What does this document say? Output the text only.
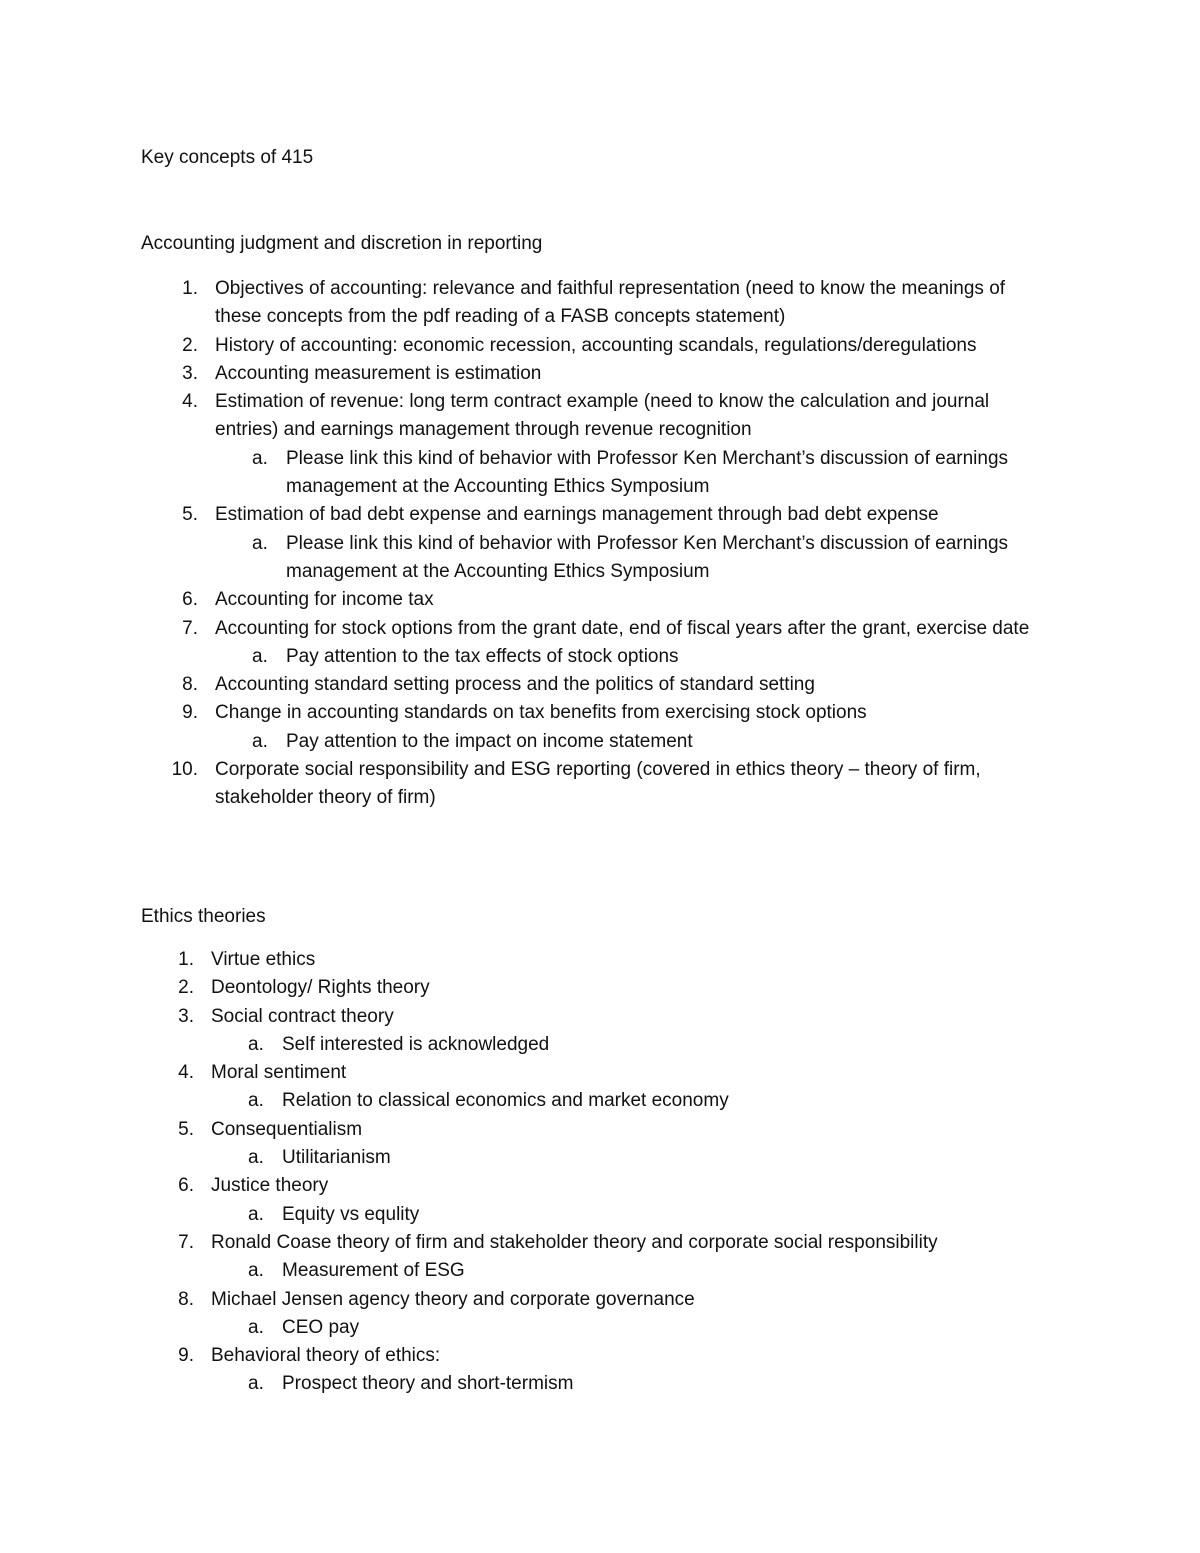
Key concepts of 415
Accounting judgment and discretion in reporting
1. Objectives of accounting: relevance and faithful representation (need to know the meanings of these concepts from the pdf reading of a FASB concepts statement)
2. History of accounting: economic recession, accounting scandals, regulations/deregulations
3. Accounting measurement is estimation
4. Estimation of revenue: long term contract example (need to know the calculation and journal entries) and earnings management through revenue recognition
a. Please link this kind of behavior with Professor Ken Merchant’s discussion of earnings management at the Accounting Ethics Symposium
5. Estimation of bad debt expense and earnings management through bad debt expense
a. Please link this kind of behavior with Professor Ken Merchant’s discussion of earnings management at the Accounting Ethics Symposium
6. Accounting for income tax
7. Accounting for stock options from the grant date, end of fiscal years after the grant, exercise date
a. Pay attention to the tax effects of stock options
8. Accounting standard setting process and the politics of standard setting
9. Change in accounting standards on tax benefits from exercising stock options
a. Pay attention to the impact on income statement
10. Corporate social responsibility and ESG reporting (covered in ethics theory – theory of firm, stakeholder theory of firm)
Ethics theories
1. Virtue ethics
2. Deontology/ Rights theory
3. Social contract theory
a. Self interested is acknowledged
4. Moral sentiment
a. Relation to classical economics and market economy
5. Consequentialism
a. Utilitarianism
6. Justice theory
a. Equity vs equlity
7. Ronald Coase theory of firm and stakeholder theory and corporate social responsibility
a. Measurement of ESG
8. Michael Jensen agency theory and corporate governance
a. CEO pay
9. Behavioral theory of ethics:
a. Prospect theory and short-termism
